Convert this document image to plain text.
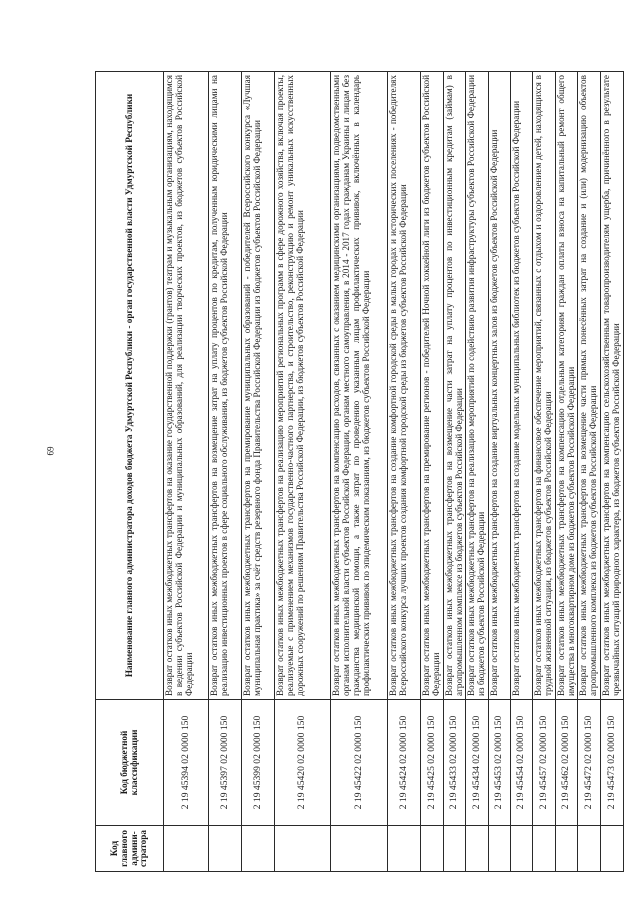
69
Код главного админи- стратора	Код бюджетной классификации	Наименование главного администратора доходов бюджета Удмуртской Республики - орган государственной власти Удмуртской Республики
	2 19 45394 02 0000 150	Возврат остатков иных межбюджетных трансфертов на оказание государственной поддержки (грантов) театрам и музыкальным организациям, находящимся в ведении субъектов Российской Федерации и муниципальных образований, для реализации творческих проектов, из бюджетов субъектов Российской Федерации
	2 19 45397 02 0000 150	Возврат остатков иных межбюджетных трансфертов на возмещение затрат на уплату процентов по кредитам, полученным юридическими лицами на реализацию инвестиционных проектов в сфере социального обслуживания, из бюджетов субъектов Российской Федерации
	2 19 45399 02 0000 150	Возврат остатков иных межбюджетных трансфертов на премирование муниципальных образований - победителей Всероссийского конкурса «Лучшая муниципальная практика» за счёт средств резервного фонда Правительства Российской Федерации из бюджетов субъектов Российской Федерации
	2 19 45420 02 0000 150	Возврат остатков иных межбюджетных трансфертов на реализацию мероприятий региональных программ в сфере дорожного хозяйства, включая проекты, реализуемые с применением механизмов государственно-частного партнерства, и строительство, реконструкцию и ремонт уникальных искусственных дорожных сооружений по решениям Правительства Российской Федерации, из бюджетов субъектов Российской Федерации
	2 19 45422 02 0000 150	Возврат остатков иных межбюджетных трансфертов на компенсацию расходов, связанных с оказанием медицинскими организациями, подведомственными органам исполнительной власти субъектов Российской Федерации, органам местного самоуправления, в 2014 - 2017 годах гражданам Украины и лицам без гражданства медицинской помощи, а также затрат по проведению указанным лицам профилактических прививок, включённых в календарь профилактических прививок по эпидемическим показаниям, из бюджетов субъектов Российской Федерации
	2 19 45424 02 0000 150	Возврат остатков иных межбюджетных трансфертов на создание комфортной городской среды в малых городах и исторических поселениях - победителях Всероссийского конкурса лучших проектов создания комфортной городской среды из бюджетов субъектов Российской Федерации
	2 19 45425 02 0000 150	Возврат остатков иных межбюджетных трансфертов на премирование регионов - победителей Ночной хоккейной лиги из бюджетов субъектов Российской Федерации
	2 19 45433 02 0000 150	Возврат остатков иных межбюджетных трансфертов на возмещение части затрат на уплату процентов по инвестиционным кредитам (займам) в агропромышленном комплексе из бюджетов субъектов Российской Федерации
	2 19 45434 02 0000 150	Возврат остатков иных межбюджетных трансфертов на реализацию мероприятий по содействию развития инфраструктуры субъектов Российской Федерации из бюджетов субъектов Российской Федерации
	2 19 45453 02 0000 150	Возврат остатков иных межбюджетных трансфертов на создание виртуальных концертных залов из бюджетов субъектов Российской Федерации
	2 19 45454 02 0000 150	Возврат остатков иных межбюджетных трансфертов на создание модельных муниципальных библиотек из бюджетов субъектов Российской Федерации
	2 19 45457 02 0000 150	Возврат остатков иных межбюджетных трансфертов на финансовое обеспечение мероприятий, связанных с отдыхом и оздоровлением детей, находящихся в трудной жизненной ситуации, из бюджетов субъектов Российской Федерации
	2 19 45462 02 0000 150	Возврат остатков иных межбюджетных трансфертов на компенсацию отдельным категориям граждан оплаты взноса на капитальный ремонт общего имущества в многоквартирном доме из бюджетов субъектов Российской Федерации
	2 19 45472 02 0000 150	Возврат остатков иных межбюджетных трансфертов на возмещение части прямых понесённых затрат на создание и (или) модернизацию объектов агропромышленного комплекса из бюджетов субъектов Российской Федерации
	2 19 45473 02 0000 150	Возврат остатков иных межбюджетных трансфертов на компенсацию сельскохозяйственным товаропроизводителям ущерба, причинённого в результате чрезвычайных ситуаций природного характера, из бюджетов субъектов Российской Федерации
